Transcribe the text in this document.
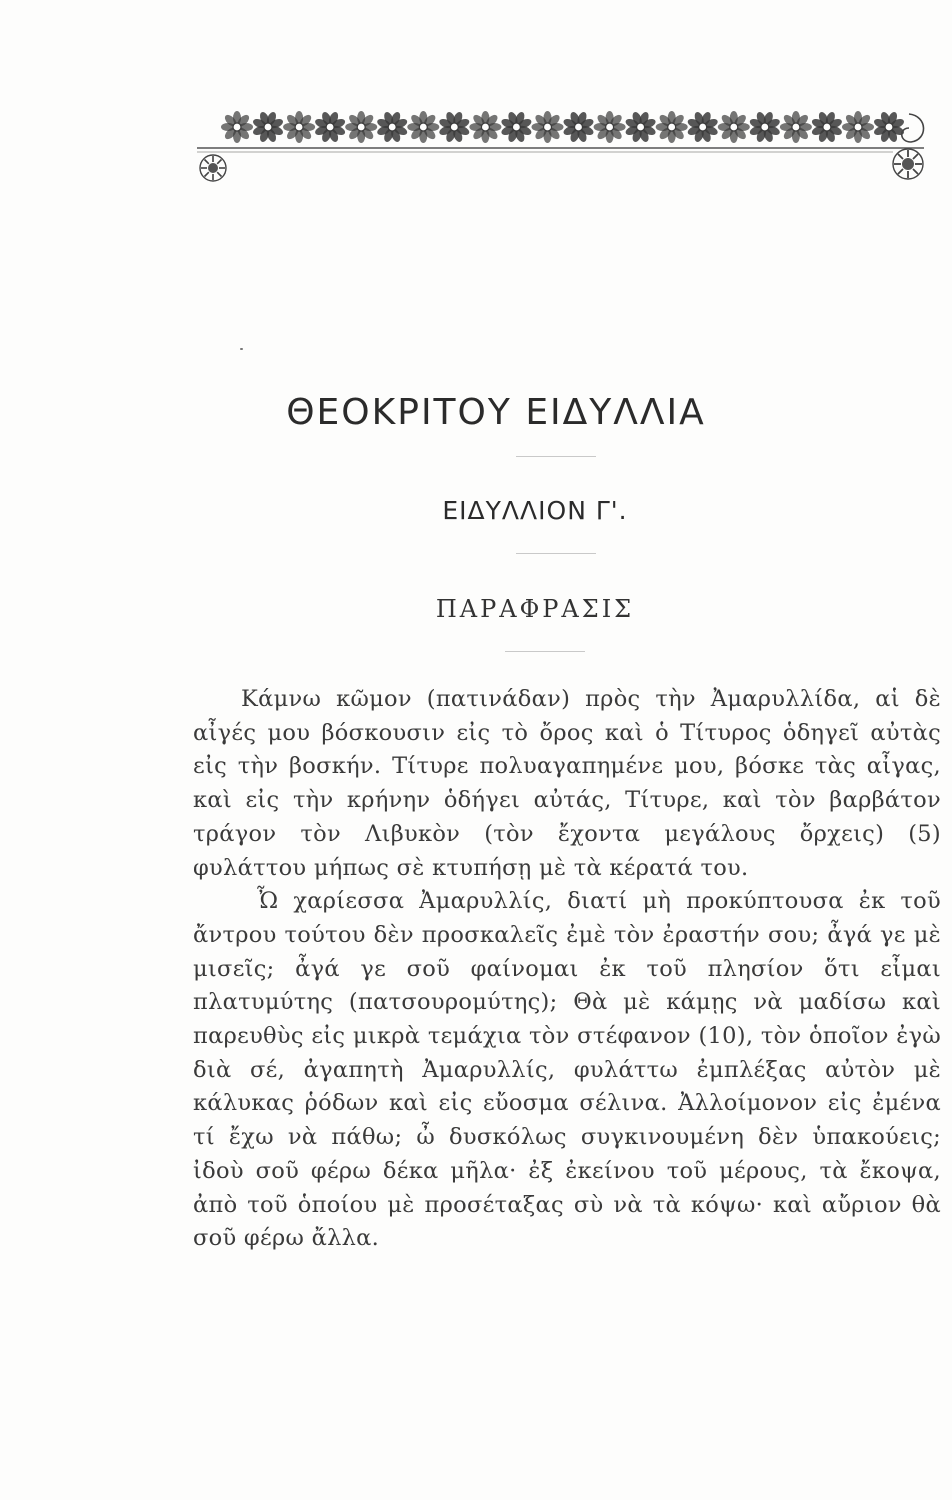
ΘΕΟΚΡΙΤΟΥ ΕΙΔΥΛΛΙΑ
ΕΙΔΥΛΛΙΟΝ Γ'.
ΠΑΡΑΦΡΑΣΙΣ

Κάμνω κῶμον (πατινάδαν) πρὸς τὴν Ἀμαρυλλίδα, αἱ δὲ αἶγές μου βόσκουσιν εἰς τὸ ὄρος καὶ ὁ Τίτυρος ὁδηγεῖ αὐτὰς εἰς τὴν βοσκήν. Τίτυρε πολυαγαπημένε μου, βόσκε τὰς αἶγας, καὶ εἰς τὴν κρήνην ὁδήγει αὐτάς, Τίτυρε, καὶ τὸν βαρβάτον τράγον τὸν Λιβυκὸν (τὸν ἔχοντα μεγάλους ὄρχεις) (5) φυλάττου μήπως σὲ κτυπήσῃ μὲ τὰ κέρατά του.

Ὦ χαρίεσσα Ἀμαρυλλίς, διατί μὴ προκύπτουσα ἐκ τοῦ ἄντρου τούτου δὲν προσκαλεῖς ἐμὲ τὸν ἐραστήν σου; ἆγά γε μὲ μισεῖς; ἆγά γε σοῦ φαίνομαι ἐκ τοῦ πλησίον ὅτι εἶμαι πλατυμύτης (πατσουρομύτης); Θὰ μὲ κάμῃς νὰ μαδίσω καὶ παρευθὺς εἰς μικρὰ τεμάχια τὸν στέφανον (10), τὸν ὁποῖον ἐγὼ διὰ σέ, ἀγαπητὴ Ἀμαρυλλίς, φυλάττω ἐμπλέξας αὐτὸν μὲ κάλυκας ῥόδων καὶ εἰς εὔοσμα σέλινα. Ἀλλοίμονον εἰς ἐμένα τί ἔχω νὰ πάθω; ὦ δυσκόλως συγκινουμένη δὲν ὑπακούεις; ἰδοὺ σοῦ φέρω δέκα μῆλα· ἐξ ἐκείνου τοῦ μέρους, τὰ ἔκοψα, ἀπὸ τοῦ ὁποίου μὲ προσέταξας σὺ νὰ τὰ κόψω· καὶ αὔριον θὰ σοῦ φέρω ἄλλα.
